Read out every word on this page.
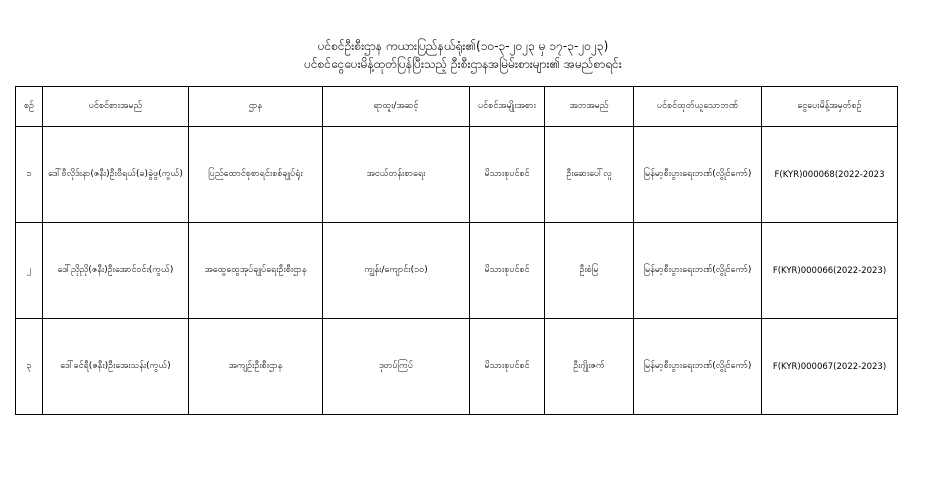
ပင်စင်ဦးစီးဌာန ကယားပြည်နယ်ရုံး၏(၁၀-၃-၂၀၂၃ မှ ၁၇-၃-၂၀၂၃)
ပင်စင်ငွေပေးမိန့်ထုတ်ပြန်ပြီးသည့် ဦးစီးဌာနအမြဲမ်းစားများ၏ အမည်စာရင်း
စဉ်	ပင်စင်စားအမည်	ဌာန	ရာထူး/အဆင့်	ပင်စင်အမျိုးအစား	အဘအမည်	ပင်စင်ထုတ်ယူသောဘဏ်	ငွေပေးမိန့်အမှတ်စဉ်
၁	ဒေါ်ဗီလိုဒ်းနာ(ဇနီး)ဦးဗီရယ်(ခ)ခွဲဖွ(ကွယ်)	ပြည်ထောင်စုစာရင်းစစ်ချုပ်ရုံး	အငယ်တန်းစာရေး	မိသားစုပင်စင်	ဦးဆေးပေါ်လူ	မြန်မာ့စီးပွားရေးဘဏ်(လွိုင်ကော်)	F(KYR)000068(2022-2023
၂	ဒေါ်ညိုညို(ဇနီး)ဦးအောင်ဝင်း(ကွယ်)	အထွေထွေအုပ်ချုပ်ရေးဦးစီးဌာန	ကျွန်း/ကျောင်း(၁၀)	မိသားစုပင်စင်	ဦးစံမြ	မြန်မာ့စီးပွားရေးဘဏ်(လွိုင်ကော်)	F(KYR)000066(2022-2023)
၃	ဒေါ်ခင်ရီ(ဇနီး)ဦးအေးသန်း(ကွယ်)	အကျဉ်းဦးစီးဌာန	ဒုတပ်ကြပ်	မိသားစုပင်စင်	ဦးဂျိုးဇက်	မြန်မာ့စီးပွားရေးဘဏ်(လွိုင်ကော်)	F(KYR)000067(2022-2023)
